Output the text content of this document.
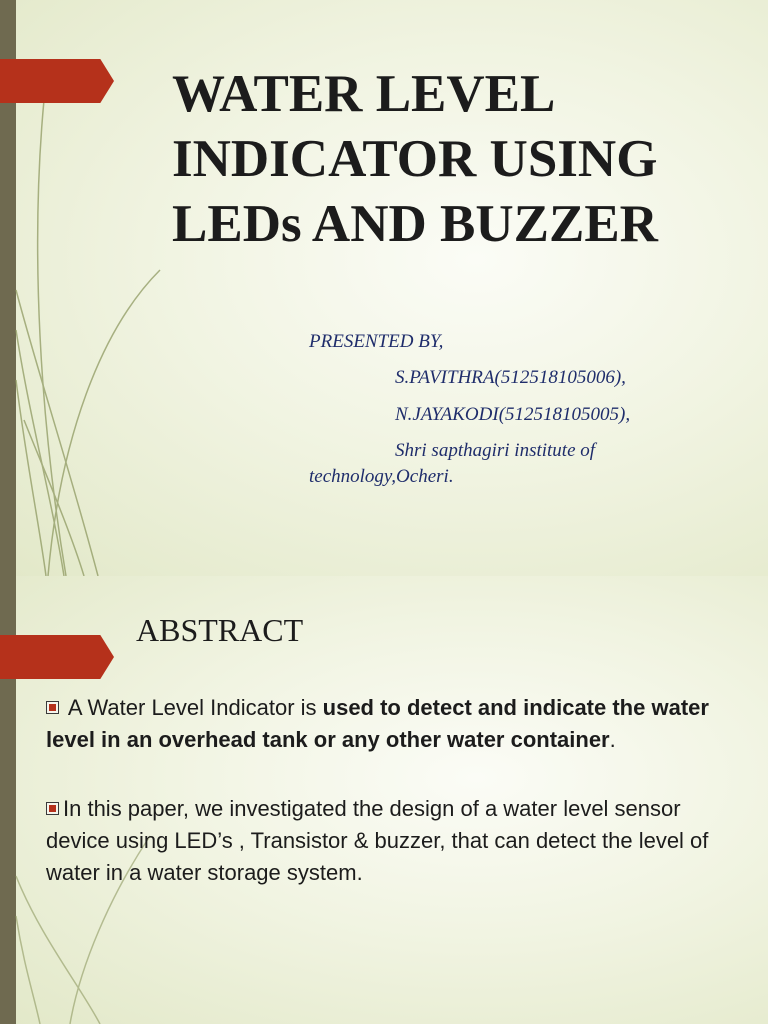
WATER LEVEL INDICATOR USING LEDs AND BUZZER

PRESENTED BY,

S.PAVITHRA(512518105006),

N.JAYAKODI(512518105005),

Shri sapthagiri institute of

technology,Ocheri.

ABSTRACT

A Water Level Indicator is used to detect and indicate the water level in an overhead tank or any other water container.

In this paper, we investigated the design of a water level sensor device using LED’s , Transistor & buzzer, that can detect the level of water in a water storage system.
